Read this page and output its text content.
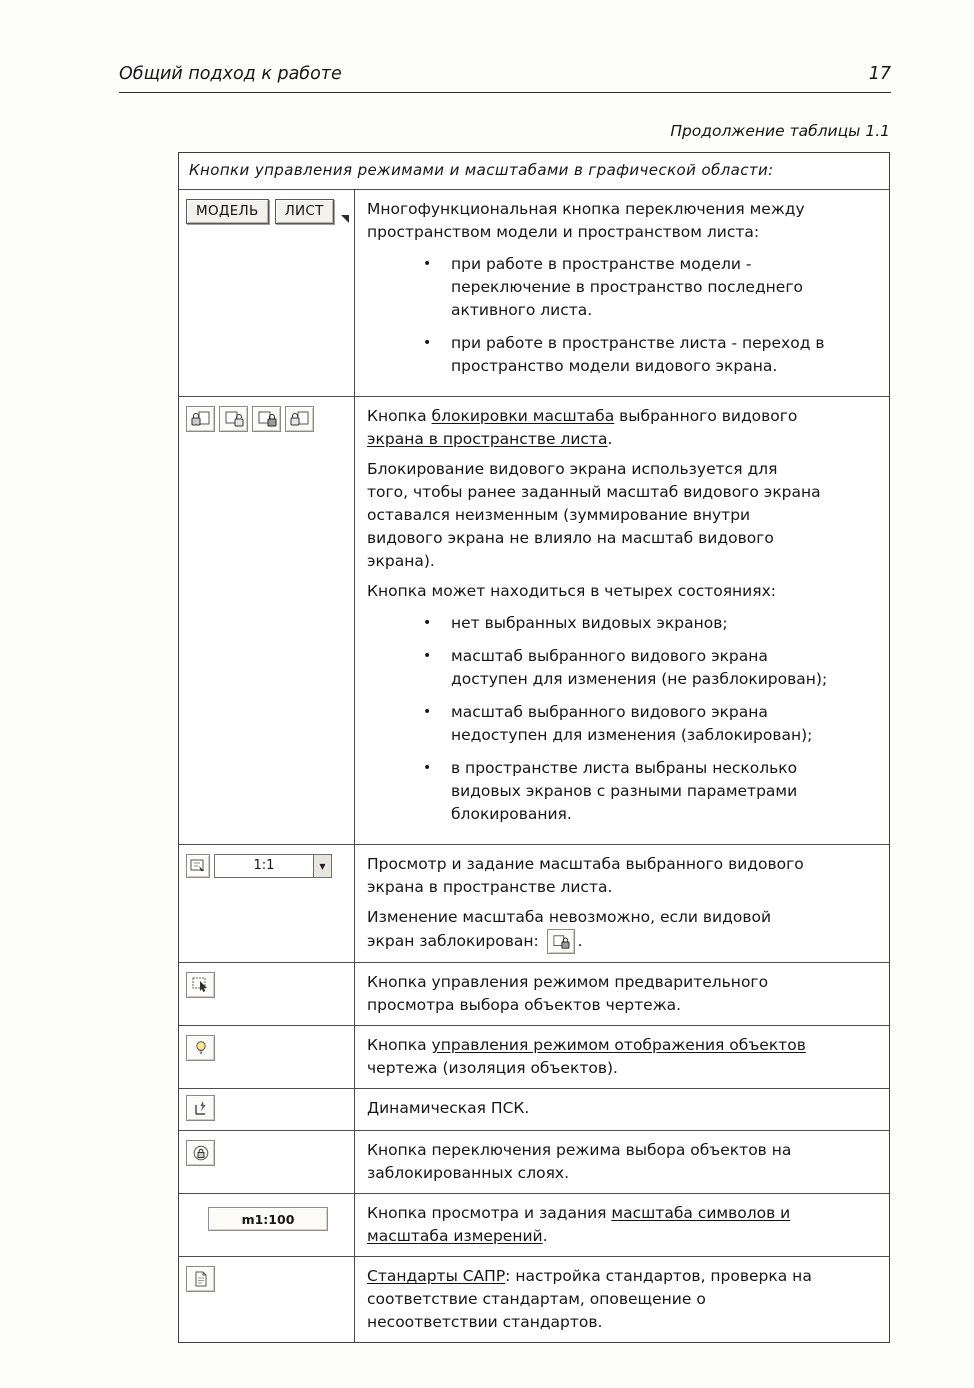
Общий подход к работе	17
Продолжение таблицы 1.1
Кнопки управления режимами и масштабами в графической области:
МОДЕЛЬ	ЛИСТ	Многофункциональная кнопка переключения между пространством модели и пространством листа:

•	при работе в пространстве модели - переключение в пространство последнего активного листа.
•	при работе в пространстве листа - переход в пространство модели видового экрана.

Кнопка блокировки масштаба выбранного видового экрана в пространстве листа.

Блокирование видового экрана используется для того, чтобы ранее заданный масштаб видового экрана оставался неизменным (зуммирование внутри видового экрана не влияло на масштаб видового экрана).

Кнопка может находиться в четырех состояниях:

•	нет выбранных видовых экранов;
•	масштаб выбранного видового экрана доступен для изменения (не разблокирован);
•	масштаб выбранного видового экрана недоступен для изменения (заблокирован);
•	в пространстве листа выбраны несколько видовых экранов с разными параметрами блокирования.
1:1	▼	Просмотр и задание масштаба выбранного видового экрана в пространстве листа.

Изменение масштаба невозможно, если видовой экран заблокирован:
.

Кнопка управления режимом предварительного просмотра выбора объектов чертежа.

Кнопка управления режимом отображения объектов чертежа (изоляция объектов).

Динамическая ПСК.

Кнопка переключения режима выбора объектов на заблокированных слоях.

m1:100	Кнопка просмотра и задания масштаба символов и масштаба измерений.

Стандарты САПР: настройка стандартов, проверка на соответствие стандартам, оповещение о несоответствии стандартов.
